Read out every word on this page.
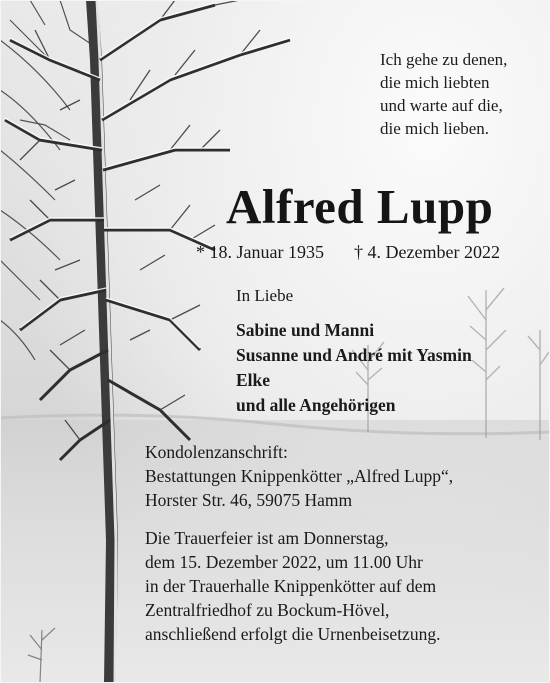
Ich gehe zu denen,
die mich liebten
und warte auf die,
die mich lieben.
Alfred Lupp
* 18. Januar 1935 † 4. Dezember 2022
In Liebe
Sabine und Manni
Susanne und André mit Yasmin
Elke
und alle Angehörigen
Kondolenzanschrift:
Bestattungen Knippenkötter „Alfred Lupp“,
Horster Str. 46, 59075 Hamm
Die Trauerfeier ist am Donnerstag,
dem 15. Dezember 2022, um 11.00 Uhr
in der Trauerhalle Knippenkötter auf dem
Zentralfriedhof zu Bockum-Hövel,
anschließend erfolgt die Urnenbeisetzung.
